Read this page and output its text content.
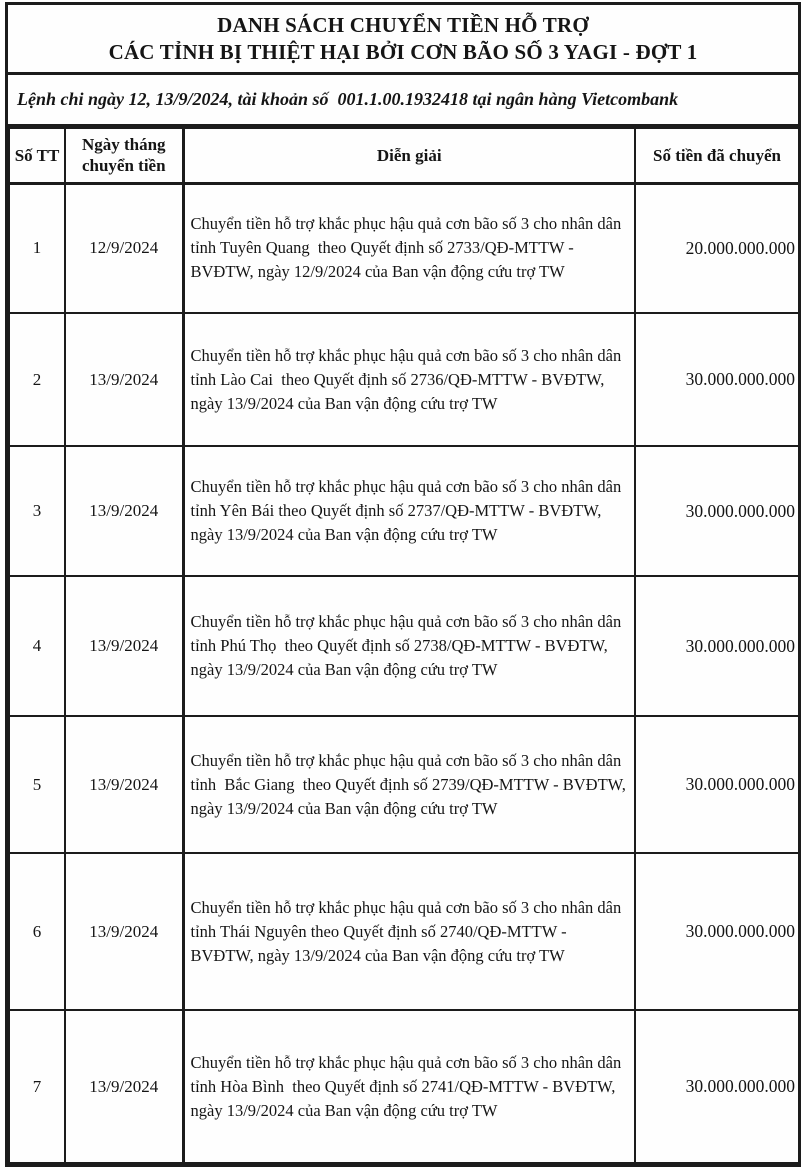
DANH SÁCH CHUYỂN TIỀN HỖ TRỢ
CÁC TỈNH BỊ THIỆT HẠI BỞI CƠN BÃO SỐ 3 YAGI - ĐỢT 1
Lệnh chi ngày 12, 13/9/2024, tài khoản số  001.1.00.1932418 tại ngân hàng Vietcombank
Số TT	Ngày tháng chuyển tiền	Diễn giải	Số tiền đã chuyển
1	12/9/2024	Chuyển tiền hỗ trợ khắc phục hậu quả cơn bão số 3 cho nhân dân tỉnh Tuyên Quang  theo Quyết định số 2733/QĐ-MTTW - BVĐTW, ngày 12/9/2024 của Ban vận động cứu trợ TW	20.000.000.000
2	13/9/2024	Chuyển tiền hỗ trợ khắc phục hậu quả cơn bão số 3 cho nhân dân tỉnh Lào Cai  theo Quyết định số 2736/QĐ-MTTW - BVĐTW, ngày 13/9/2024 của Ban vận động cứu trợ TW	30.000.000.000
3	13/9/2024	Chuyển tiền hỗ trợ khắc phục hậu quả cơn bão số 3 cho nhân dân tỉnh Yên Bái theo Quyết định số 2737/QĐ-MTTW - BVĐTW, ngày 13/9/2024 của Ban vận động cứu trợ TW	30.000.000.000
4	13/9/2024	Chuyển tiền hỗ trợ khắc phục hậu quả cơn bão số 3 cho nhân dân tỉnh Phú Thọ  theo Quyết định số 2738/QĐ-MTTW - BVĐTW, ngày 13/9/2024 của Ban vận động cứu trợ TW	30.000.000.000
5	13/9/2024	Chuyển tiền hỗ trợ khắc phục hậu quả cơn bão số 3 cho nhân dân tỉnh  Bắc Giang  theo Quyết định số 2739/QĐ-MTTW - BVĐTW, ngày 13/9/2024 của Ban vận động cứu trợ TW	30.000.000.000
6	13/9/2024	Chuyển tiền hỗ trợ khắc phục hậu quả cơn bão số 3 cho nhân dân tỉnh Thái Nguyên theo Quyết định số 2740/QĐ-MTTW - BVĐTW, ngày 13/9/2024 của Ban vận động cứu trợ TW	30.000.000.000
7	13/9/2024	Chuyển tiền hỗ trợ khắc phục hậu quả cơn bão số 3 cho nhân dân tỉnh Hòa Bình  theo Quyết định số 2741/QĐ-MTTW - BVĐTW, ngày 13/9/2024 của Ban vận động cứu trợ TW	30.000.000.000
